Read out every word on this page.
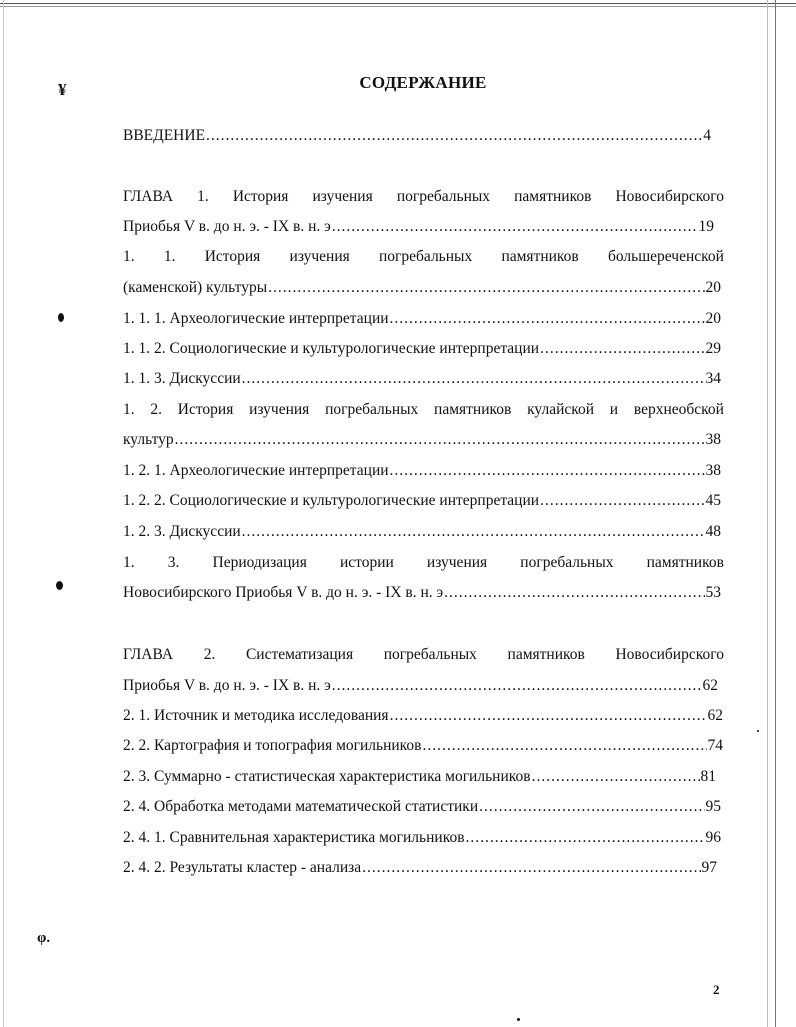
¥
φ.
СОДЕРЖАНИЕ
ВВЕДЕНИЕ .....	4
ГЛАВА 1. История изучения погребальных памятников Новосибирского
Приобья V в. до н. э. - IX в. н. э .....	19
1. 1. История изучения погребальных памятников большереченской
(каменской) культуры .....	20
1. 1. 1. Археологические интерпретации .....	20
1. 1. 2. Социологические и культурологические интерпретации .....	29
1. 1. 3. Дискуссии .....	34
1. 2. История изучения погребальных памятников кулайской и верхнеобской
культур .....	38
1. 2. 1. Археологические интерпретации .....	38
1. 2. 2. Социологические и культурологические интерпретации .....	45
1. 2. 3. Дискуссии .....	48
1. 3. Периодизация истории изучения погребальных памятников
Новосибирского Приобья V в. до н. э. - IX в. н. э .....	53
ГЛАВА 2. Систематизация погребальных памятников Новосибирского
Приобья V в. до н. э. - IX в. н. э .....	62
2. 1. Источник и методика исследования .....	62
2. 2. Картография и топография могильников .....	74
2. 3. Суммарно - статистическая характеристика могильников .....	81
2. 4. Обработка методами математической статистики .....	95
2. 4. 1. Сравнительная характеристика могильников .....	96
2. 4. 2. Результаты кластер - анализа .....	97
2
